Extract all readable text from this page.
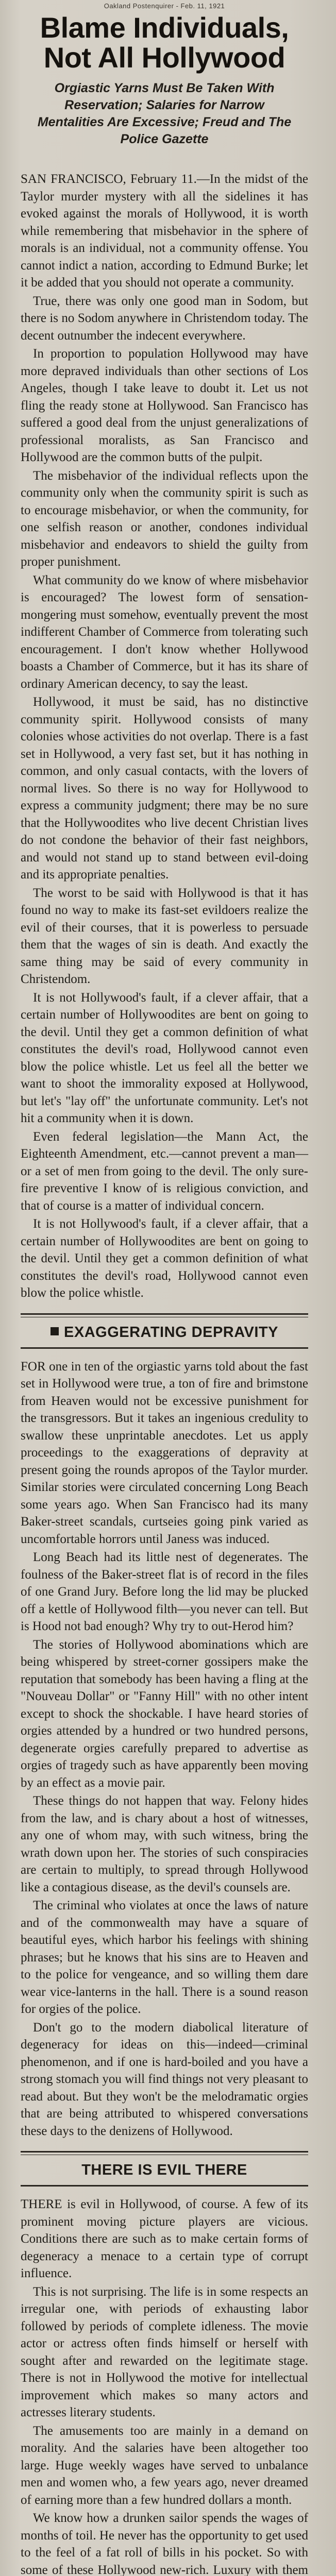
Oakland Postenquirer - Feb. 11, 1921
Blame Individuals, Not All Hollywood
Orgiastic Yarns Must Be Taken With Reservation; Salaries for Narrow Mentalities Are Excessive; Freud and The Police Gazette

SAN FRANCISCO, February 11.—In the midst of the Taylor murder mystery with all the sidelines it has evoked against the morals of Hollywood, it is worth while remembering that misbehavior in the sphere of morals is an individual, not a community offense. You cannot indict a nation, according to Edmund Burke; let it be added that you should not operate a community.

True, there was only one good man in Sodom, but there is no Sodom anywhere in Christendom today. The decent outnumber the indecent everywhere.

In proportion to population Hollywood may have more depraved individuals than other sections of Los Angeles, though I take leave to doubt it. Let us not fling the ready stone at Hollywood. San Francisco has suffered a good deal from the unjust generalizations of professional moralists, as San Francisco and Hollywood are the common butts of the pulpit.

The misbehavior of the individual reflects upon the community only when the community spirit is such as to encourage misbehavior, or when the community, for one selfish reason or another, condones individual misbehavior and endeavors to shield the guilty from proper punishment.

What community do we know of where misbehavior is encouraged? The lowest form of sensation-mongering must somehow, eventually prevent the most indifferent Chamber of Commerce from tolerating such encouragement. I don't know whether Hollywood boasts a Chamber of Commerce, but it has its share of ordinary American decency, to say the least.

Hollywood, it must be said, has no distinctive community spirit. Hollywood consists of many colonies whose activities do not overlap. There is a fast set in Hollywood, a very fast set, but it has nothing in common, and only casual contacts, with the lovers of normal lives. So there is no way for Hollywood to express a community judgment; there may be no sure that the Hollywoodites who live decent Christian lives do not condone the behavior of their fast neighbors, and would not stand up to stand between evil-doing and its appropriate penalties.

The worst to be said with Hollywood is that it has found no way to make its fast-set evildoers realize the evil of their courses, that it is powerless to persuade them that the wages of sin is death. And exactly the same thing may be said of every community in Christendom.

It is not Hollywood's fault, if a clever affair, that a certain number of Hollywoodites are bent on going to the devil. Until they get a common definition of what constitutes the devil's road, Hollywood cannot even blow the police whistle. Let us feel all the better we want to shoot the immorality exposed at Hollywood, but let's "lay off" the unfortunate community. Let's not hit a community when it is down.

Even federal legislation—the Mann Act, the Eighteenth Amendment, etc.—cannot prevent a man—or a set of men from going to the devil. The only sure-fire preventive I know of is religious conviction, and that of course is a matter of individual concern.

It is not Hollywood's fault, if a clever affair, that a certain number of Hollywoodites are bent on going to the devil. Until they get a common definition of what constitutes the devil's road, Hollywood cannot even blow the police whistle.

EXAGGERATING DEPRAVITY

FOR one in ten of the orgiastic yarns told about the fast set in Hollywood were true, a ton of fire and brimstone from Heaven would not be excessive punishment for the transgressors. But it takes an ingenious credulity to swallow these unprintable anecdotes. Let us apply proceedings to the exaggerations of depravity at present going the rounds apropos of the Taylor murder. Similar stories were circulated concerning Long Beach some years ago. When San Francisco had its many Baker-street scandals, curtseies going pink varied as uncomfortable horrors until Janess was induced.

Long Beach had its little nest of degenerates. The foulness of the Baker-street flat is of record in the files of one Grand Jury. Before long the lid may be plucked off a kettle of Hollywood filth—you never can tell. But is Hood not bad enough? Why try to out-Herod him?

The stories of Hollywood abominations which are being whispered by street-corner gossipers make the reputation that somebody has been having a fling at the "Nouveau Dollar" or "Fanny Hill" with no other intent except to shock the shockable. I have heard stories of orgies attended by a hundred or two hundred persons, degenerate orgies carefully prepared to advertise as orgies of tragedy such as have apparently been moving by an effect as a movie pair.

These things do not happen that way. Felony hides from the law, and is chary about a host of witnesses, any one of whom may, with such witness, bring the wrath down upon her. The stories of such conspiracies are certain to multiply, to spread through Hollywood like a contagious disease, as the devil's counsels are.

The criminal who violates at once the laws of nature and of the commonwealth may have a square of beautiful eyes, which harbor his feelings with shining phrases; but he knows that his sins are to Heaven and to the police for vengeance, and so willing them dare wear vice-lanterns in the hall. There is a sound reason for orgies of the police.

Don't go to the modern diabolical literature of degeneracy for ideas on this—indeed—criminal phenomenon, and if one is hard-boiled and you have a strong stomach you will find things not very pleasant to read about. But they won't be the melodramatic orgies that are being attributed to whispered conversations these days to the denizens of Hollywood.

THERE IS EVIL THERE

THERE is evil in Hollywood, of course. A few of its prominent moving picture players are vicious. Conditions there are such as to make certain forms of degeneracy a menace to a certain type of corrupt influence.

This is not surprising. The life is in some respects an irregular one, with periods of exhausting labor followed by periods of complete idleness. The movie actor or actress often finds himself or herself with sought after and rewarded on the legitimate stage. There is not in Hollywood the motive for intellectual improvement which makes so many actors and actresses literary students.

The amusements too are mainly in a demand on morality. And the salaries have been altogether too large. Huge weekly wages have served to unbalance men and women who, a few years ago, never dreamed of earning more than a few hundred dollars a month.

We know how a drunken sailor spends the wages of months of toil. He never has the opportunity to get used to the feel of a fat roll of bills in his pocket. So with some of these Hollywood new-rich. Luxury with them
